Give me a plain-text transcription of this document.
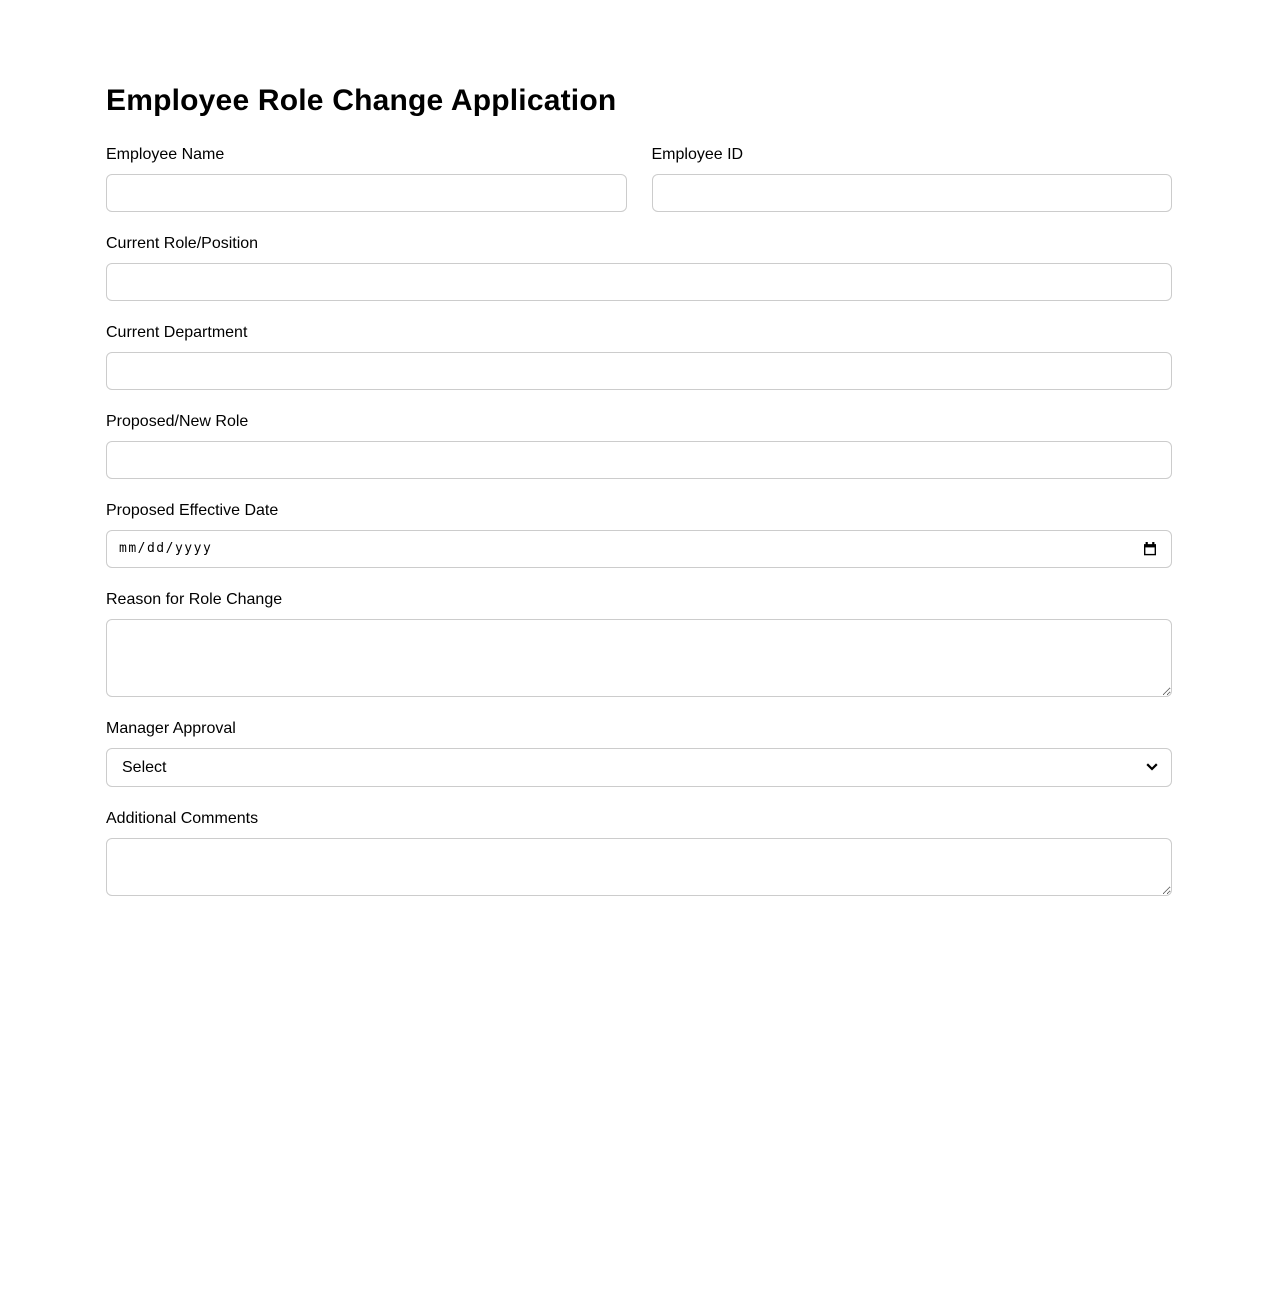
Employee Role Change Application
Employee Name	Employee ID
Current Role/Position
Current Department
Proposed/New Role
Proposed Effective Date
mm/dd/yyyy
Reason for Role Change
Manager Approval
Select
Additional Comments
